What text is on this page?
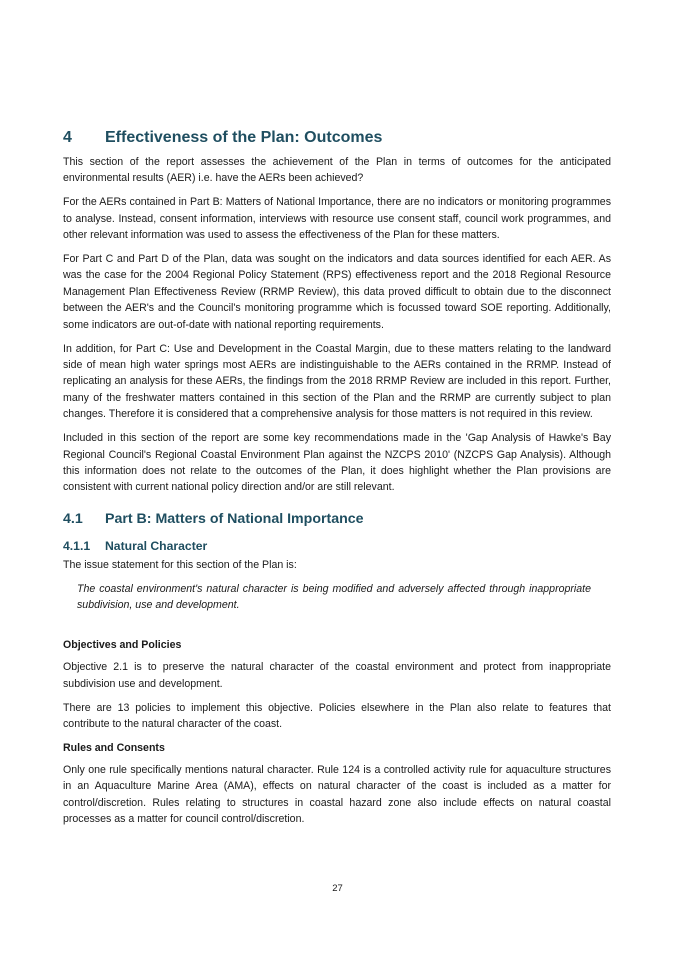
4	Effectiveness of the Plan: Outcomes

This section of the report assesses the achievement of the Plan in terms of outcomes for the anticipated environmental results (AER) i.e. have the AERs been achieved?

For the AERs contained in Part B: Matters of National Importance, there are no indicators or monitoring programmes to analyse. Instead, consent information, interviews with resource use consent staff, council work programmes, and other relevant information was used to assess the effectiveness of the Plan for these matters.

For Part C and Part D of the Plan, data was sought on the indicators and data sources identified for each AER. As was the case for the 2004 Regional Policy Statement (RPS) effectiveness report and the 2018 Regional Resource Management Plan Effectiveness Review (RRMP Review), this data proved difficult to obtain due to the disconnect between the AER's and the Council's monitoring programme which is focussed toward SOE reporting. Additionally, some indicators are out-of-date with national reporting requirements.

In addition, for Part C: Use and Development in the Coastal Margin, due to these matters relating to the landward side of mean high water springs most AERs are indistinguishable to the AERs contained in the RRMP. Instead of replicating an analysis for these AERs, the findings from the 2018 RRMP Review are included in this report. Further, many of the freshwater matters contained in this section of the Plan and the RRMP are currently subject to plan changes. Therefore it is considered that a comprehensive analysis for those matters is not required in this review.

Included in this section of the report are some key recommendations made in the 'Gap Analysis of Hawke's Bay Regional Council's Regional Coastal Environment Plan against the NZCPS 2010' (NZCPS Gap Analysis). Although this information does not relate to the outcomes of the Plan, it does highlight whether the Plan provisions are consistent with current national policy direction and/or are still relevant.

4.1	Part B: Matters of National Importance
4.1.1	Natural Character

The issue statement for this section of the Plan is:

The coastal environment's natural character is being modified and adversely affected through inappropriate subdivision, use and development.

Objectives and Policies

Objective 2.1 is to preserve the natural character of the coastal environment and protect from inappropriate subdivision use and development.

There are 13 policies to implement this objective. Policies elsewhere in the Plan also relate to features that contribute to the natural character of the coast.

Rules and Consents

Only one rule specifically mentions natural character. Rule 124 is a controlled activity rule for aquaculture structures in an Aquaculture Marine Area (AMA), effects on natural character of the coast is included as a matter for control/discretion. Rules relating to structures in coastal hazard zone also include effects on natural coastal processes as a matter for council control/discretion.

27
